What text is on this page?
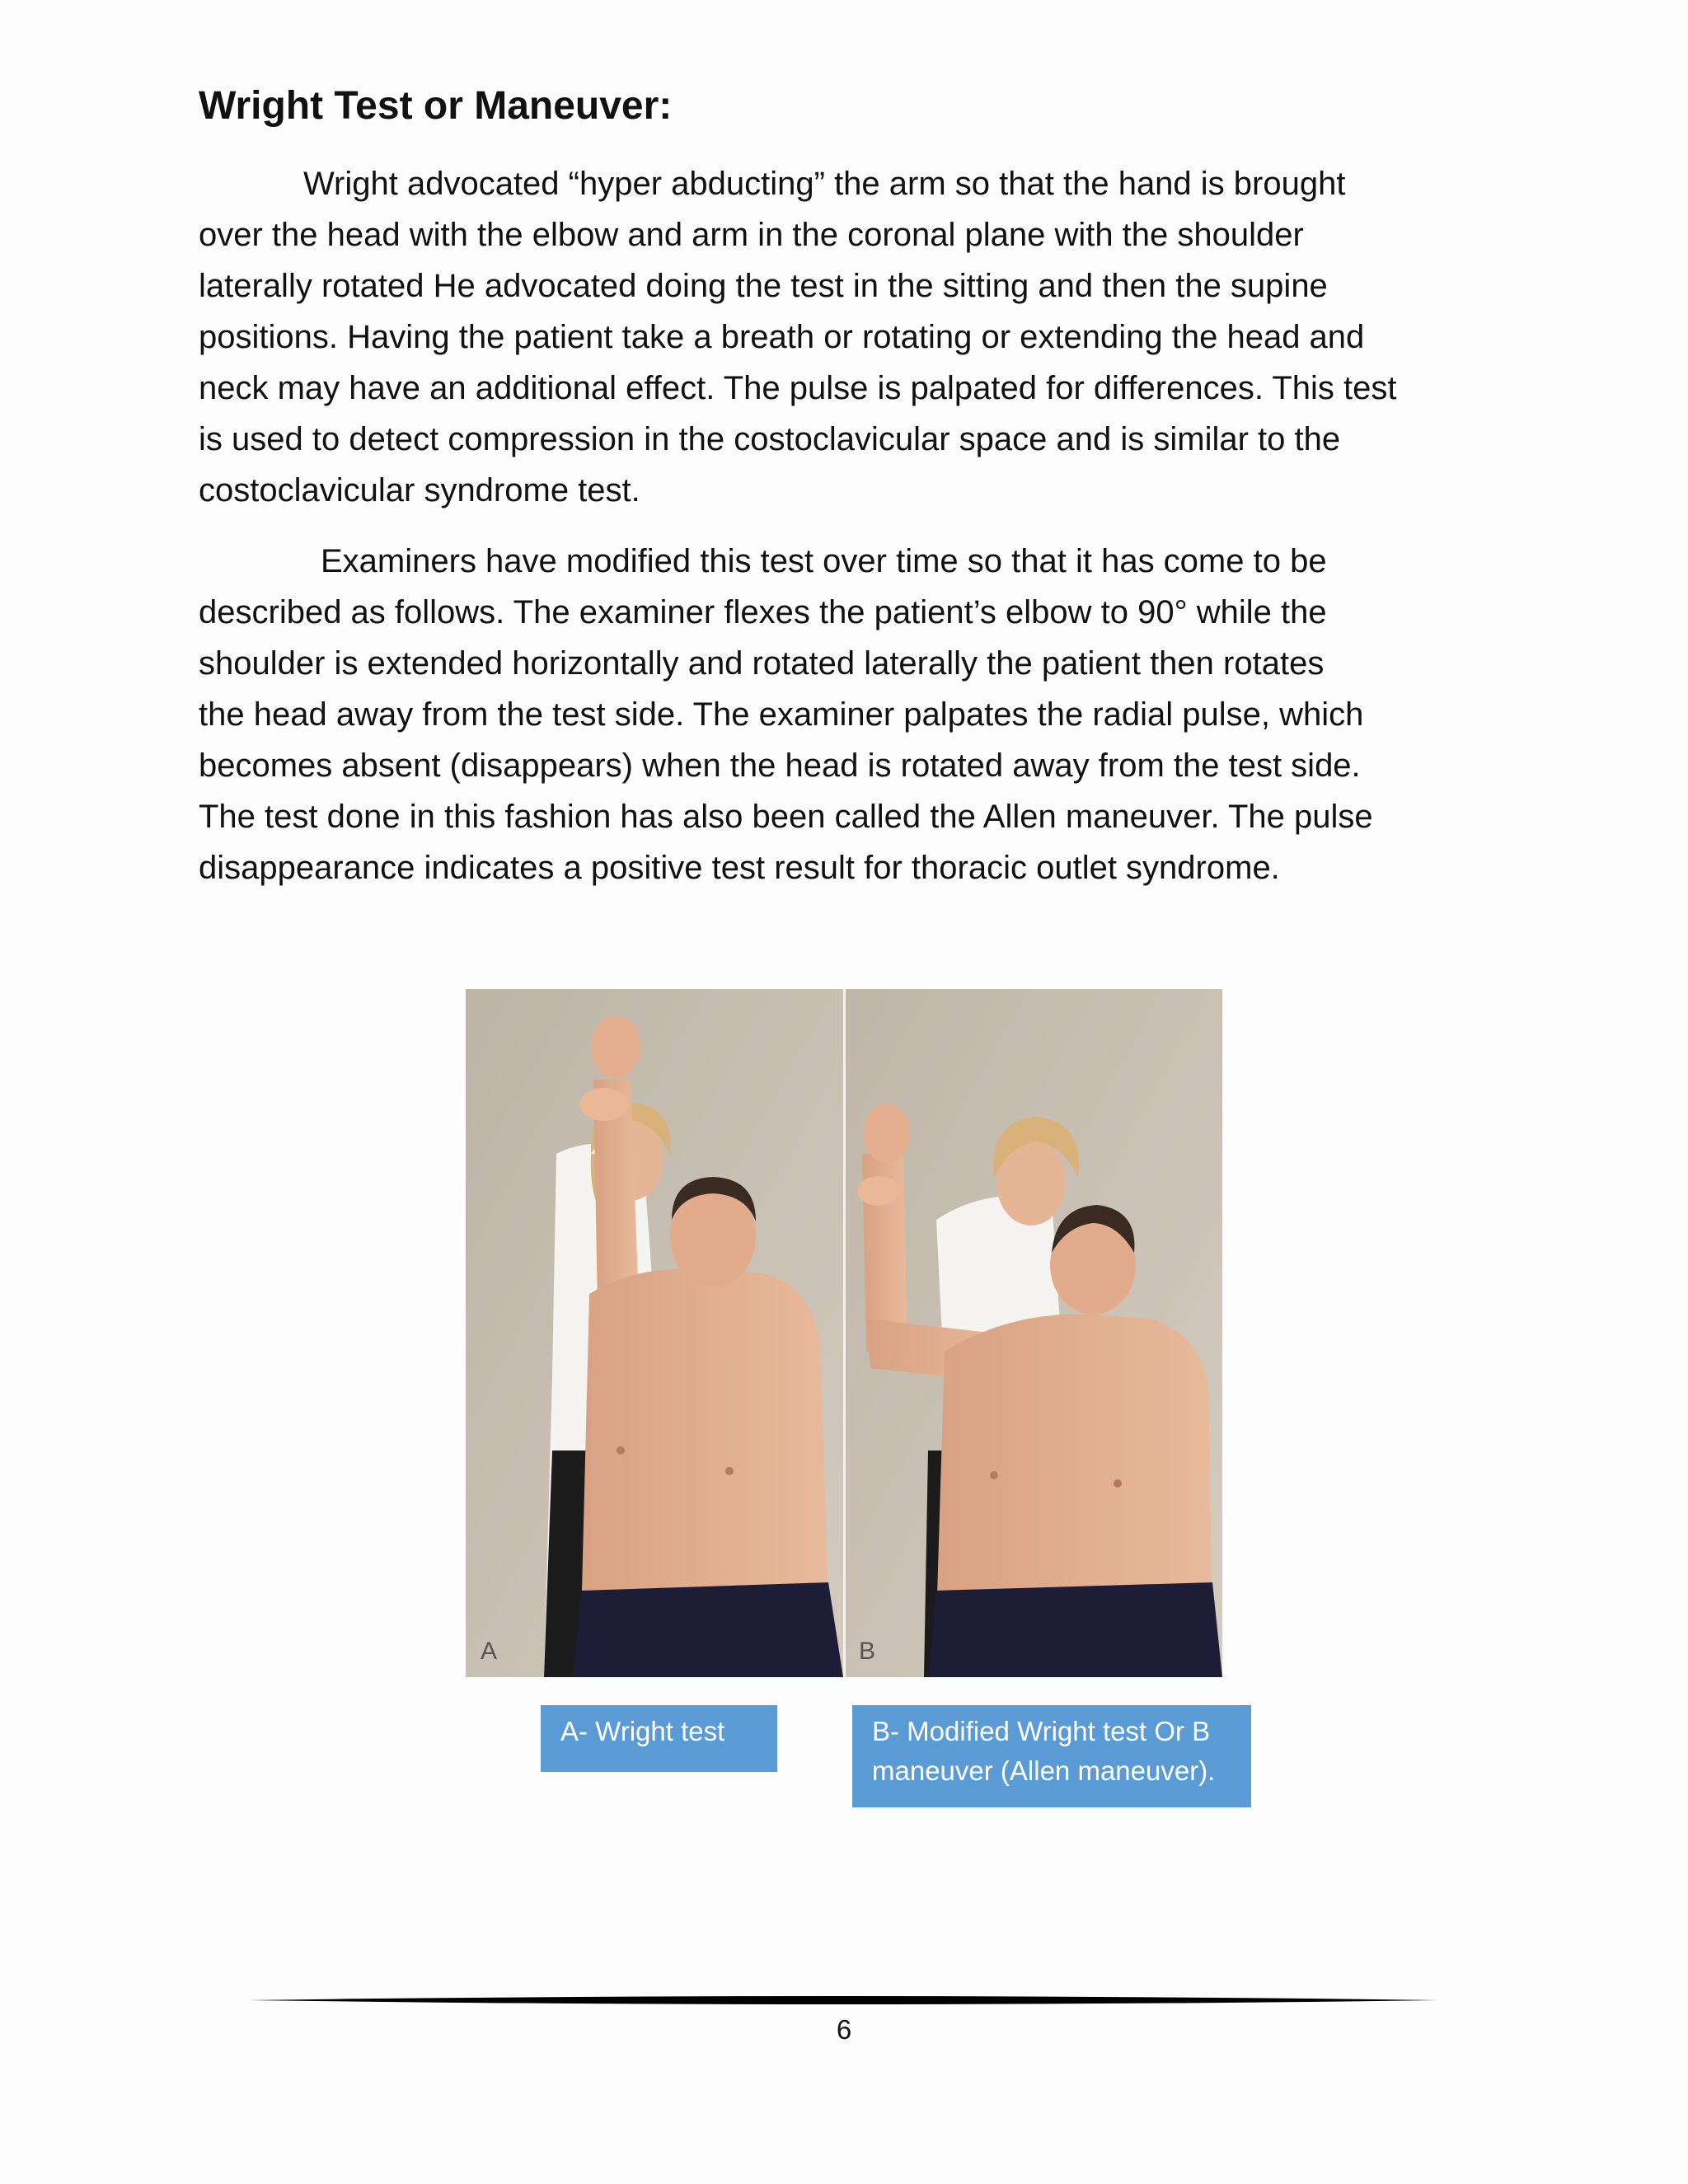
Wright Test or Maneuver:

Wright advocated “hyper abducting” the arm so that the hand is brought
over the head with the elbow and arm in the coronal plane with the shoulder
laterally rotated He advocated doing the test in the sitting and then the supine
positions. Having the patient take a breath or rotating or extending the head and
neck may have an additional effect. The pulse is palpated for differences. This test
is used to detect compression in the costoclavicular space and is similar to the
costoclavicular syndrome test.

Examiners have modified this test over time so that it has come to be
described as follows. The examiner flexes the patient’s elbow to 90° while the
shoulder is extended horizontally and rotated laterally the patient then rotates
the head away from the test side. The examiner palpates the radial pulse, which
becomes absent (disappears) when the head is rotated away from the test side.
The test done in this fashion has also been called the Allen maneuver. The pulse
disappearance indicates a positive test result for thoracic outlet syndrome.

A	B
A- Wright test	B- Modified Wright test Or B
maneuver (Allen maneuver).
6
